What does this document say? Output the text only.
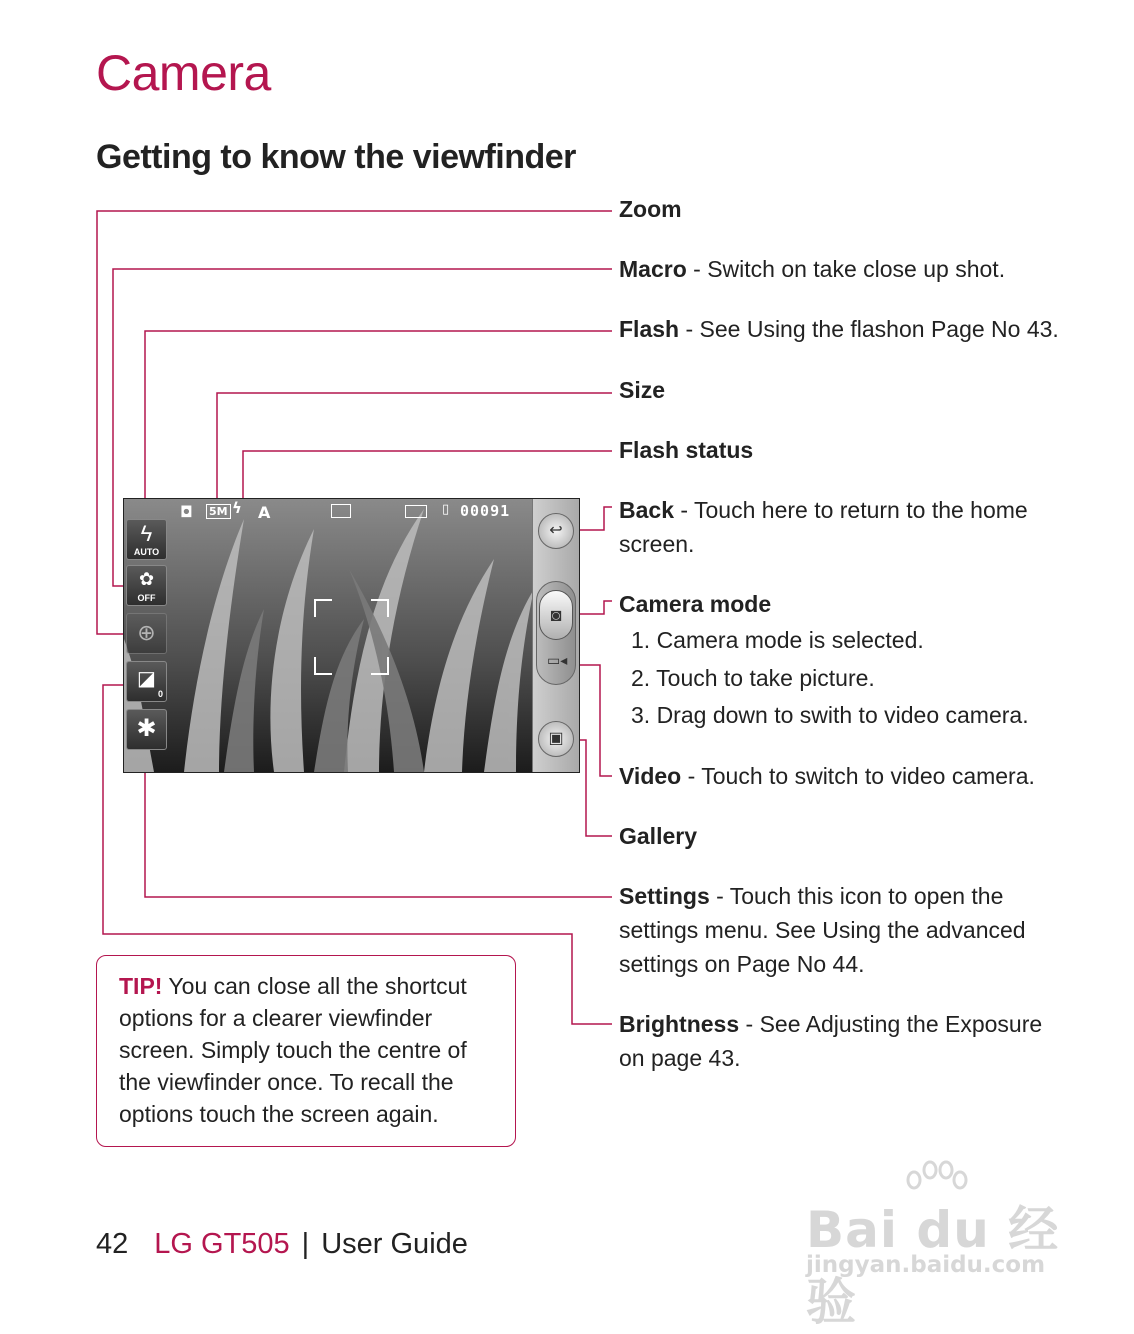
Camera
Getting to know the viewfinder
Zoom
Macro - Switch on take close up shot.
Flash - See Using the flashon Page No 43.
Size
Flash status
Back - Touch here to return to the home screen.
Camera mode
1. Camera mode is selected.
2. Touch to take picture.
3. Drag down to swith to video camera.
Video - Touch to switch to video camera.
Gallery
Settings - Touch this icon to open the settings menu. See Using the advanced settings on Page No 44.
Brightness - See Adjusting the Exposure on page 43.
◘ 5M ϟ A	▯ 00091
ϟ
AUTO
✿
OFF
⊕
◪
0
✱
↩
◙
▭◂
▣
TIP! You can close all the shortcut options for a clearer viewfinder screen. Simply touch the centre of the viewfinder once. To recall the options touch the screen again.
42 LG GT505 | User Guide	Bai du 经验
jingyan.baidu.com
